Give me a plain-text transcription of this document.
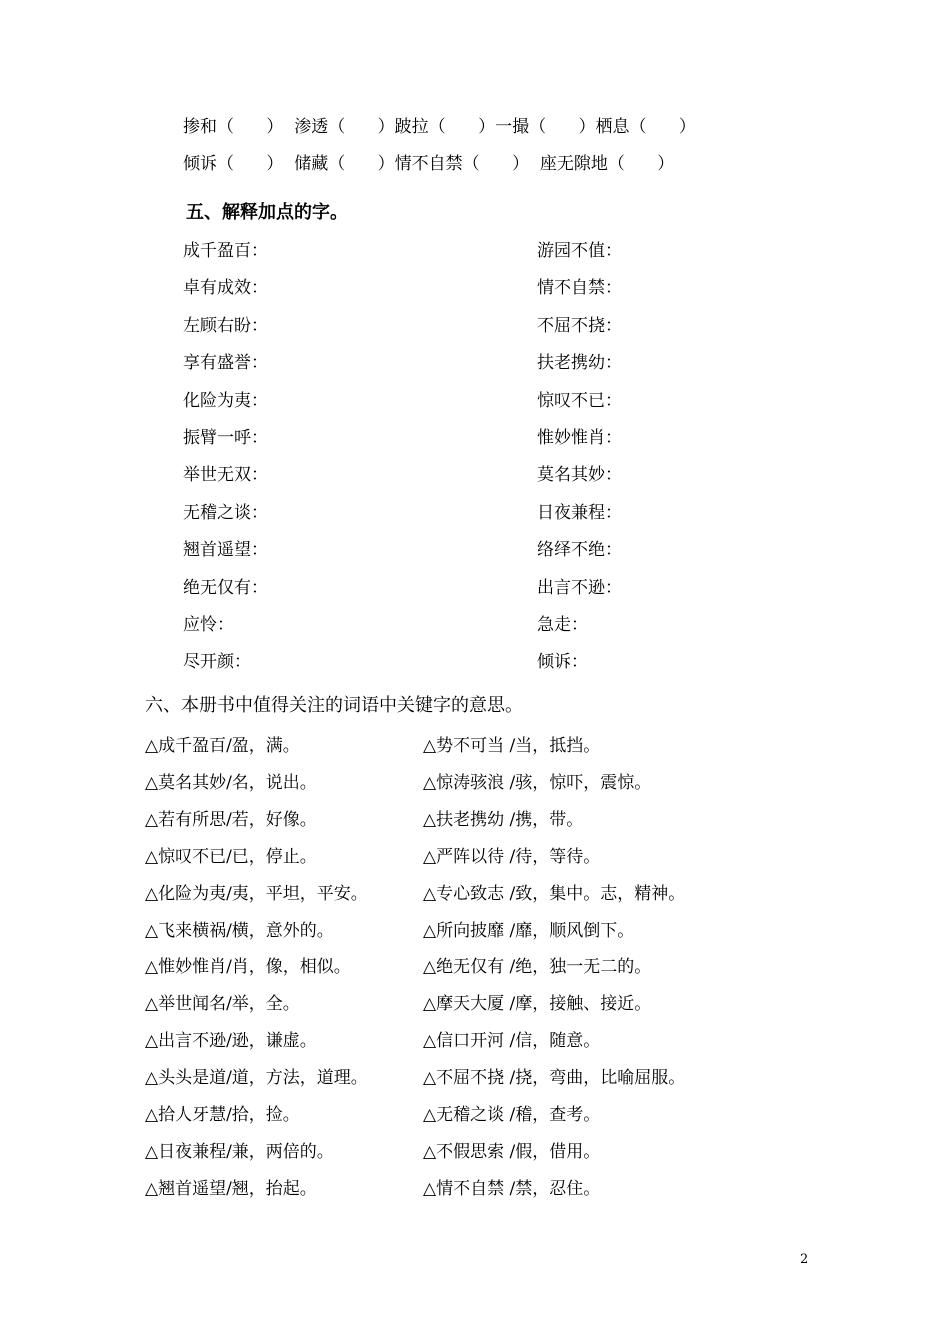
掺和（      ）  渗透（      ）跛拉（      ）一撮（      ）栖息（      ）
倾诉（      ）  储藏（      ）情不自禁（      ）  座无隙地（      ）
五、解释加点的字。
成千盈百：
卓有成效：
左顾右盼：
享有盛誉：
化险为夷：
振臂一呼：
举世无双：
无稽之谈：
翘首遥望：
绝无仅有：
应怜：
尽开颜：
游园不值：
情不自禁：
不屈不挠：
扶老携幼：
惊叹不已：
惟妙惟肖：
莫名其妙：
日夜兼程：
络绎不绝：
出言不逊：
急走：
倾诉：
六、本册书中值得关注的词语中关键字的意思。
△成千盈百/盈，满。
△莫名其妙/名，说出。
△若有所思/若，好像。
△惊叹不已/已，停止。
△化险为夷/夷，平坦，平安。
△飞来横祸/横，意外的。
△惟妙惟肖/肖，像，相似。
△举世闻名/举，全。
△出言不逊/逊，谦虚。
△头头是道/道，方法，道理。
△拾人牙慧/拾，捡。
△日夜兼程/兼，两倍的。
△翘首遥望/翘，抬起。
△势不可当 /当，抵挡。
△惊涛骇浪 /骇，惊吓，震惊。
△扶老携幼 /携，带。
△严阵以待 /待，等待。
△专心致志 /致，集中。志，精神。
△所向披靡 /靡，顺风倒下。
△绝无仅有 /绝，独一无二的。
△摩天大厦 /摩，接触、接近。
△信口开河 /信，随意。
△不屈不挠 /挠，弯曲，比喻屈服。
△无稽之谈 /稽，查考。
△不假思索 /假，借用。
△情不自禁 /禁，忍住。
2
